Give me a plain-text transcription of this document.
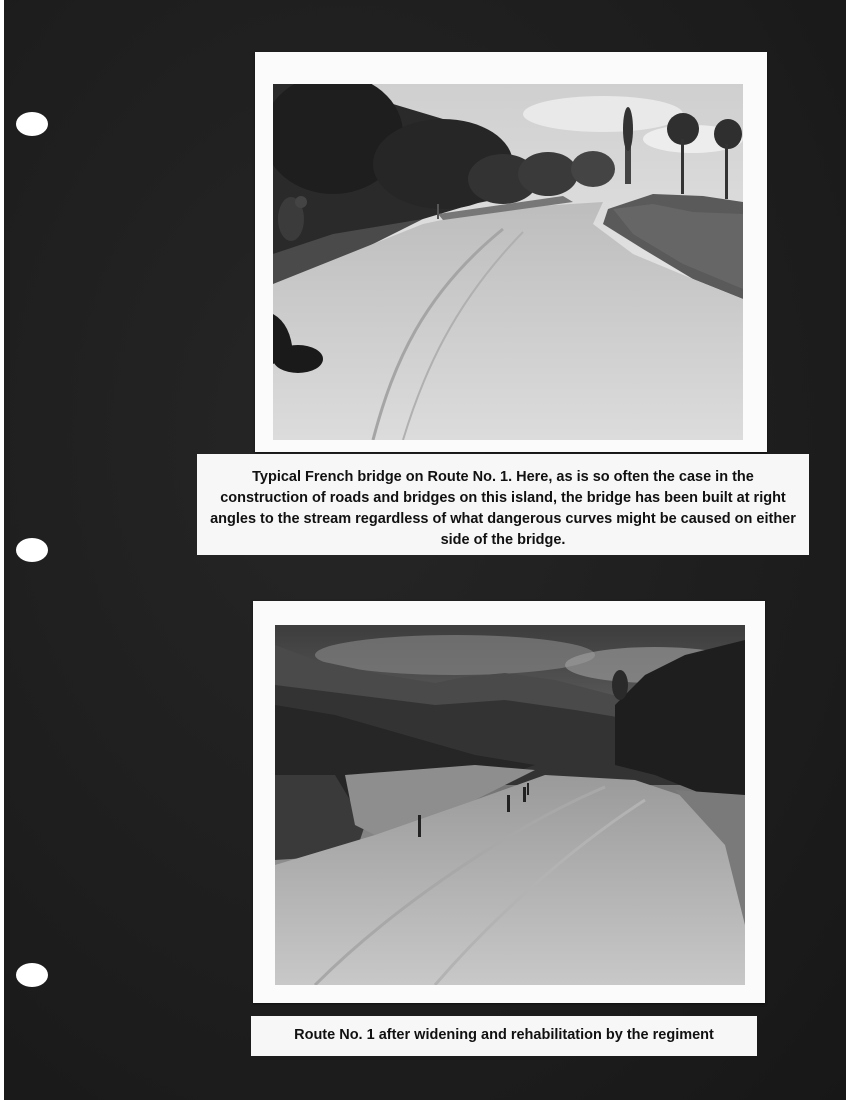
Typical French bridge on Route No. 1. Here, as is so often the case in the construction of roads and bridges on this island, the bridge has been built at right angles to the stream regardless of what dangerous curves might be caused on either side of the bridge.
Route No. 1 after widening and rehabilitation by the regiment
